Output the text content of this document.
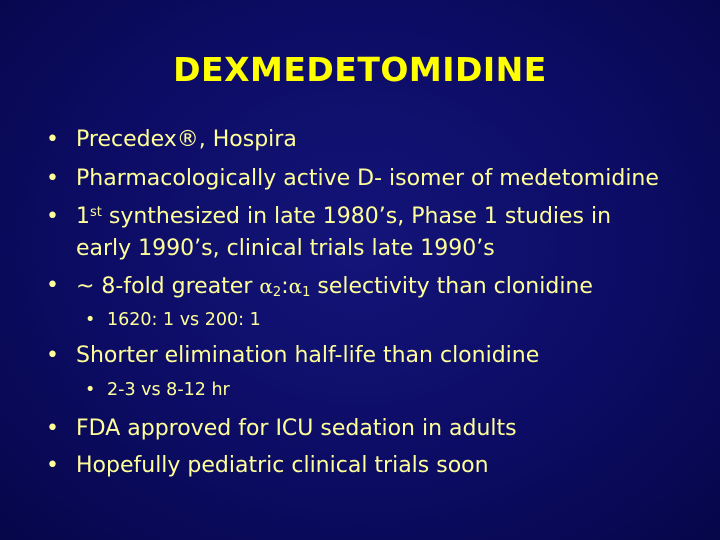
DEXMEDETOMIDINE
• Precedex®, Hospira
• Pharmacologically active D- isomer of medetomidine
• 1st synthesized in late 1980’s, Phase 1 studies in
early 1990’s, clinical trials late 1990’s
• ~ 8-fold greater $\alpha_2:\alpha_1$ selectivity than clonidine
• 1620: 1 vs 200: 1
• Shorter elimination half-life than clonidine
• 2-3 vs 8-12 hr
• FDA approved for ICU sedation in adults
• Hopefully pediatric clinical trials soon
